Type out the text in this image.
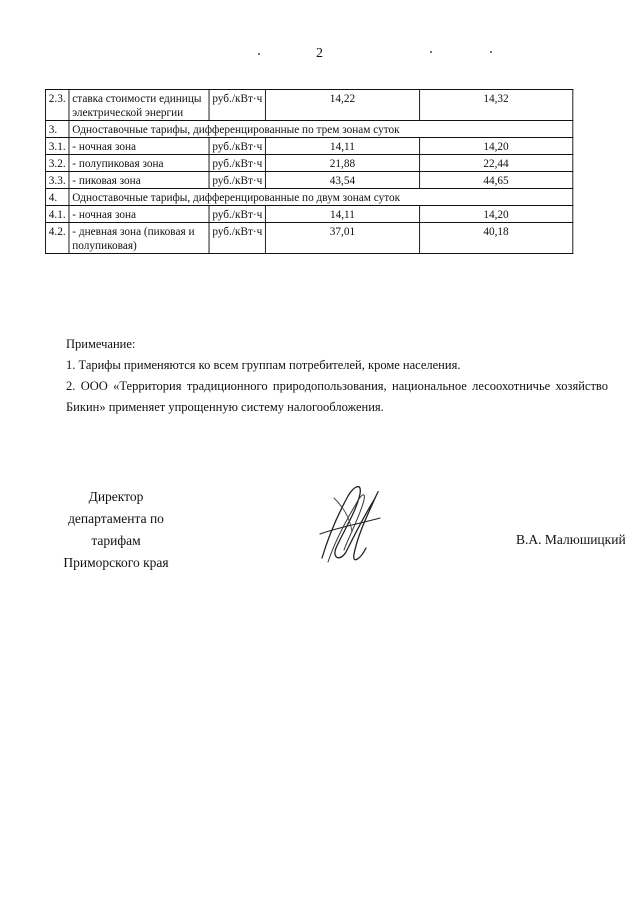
2
2.3.	ставка стоимости единицы электрической энергии	руб./кВт·ч	14,22	14,32
3.	Одноставочные тарифы, дифференцированные по трем зонам суток			
3.1.	- ночная зона	руб./кВт·ч	14,11	14,20
3.2.	- полупиковая зона	руб./кВт·ч	21,88	22,44
3.3.	- пиковая зона	руб./кВт·ч	43,54	44,65
4.	Одноставочные тарифы, дифференцированные по двум зонам суток			
4.1.	- ночная зона	руб./кВт·ч	14,11	14,20
4.2.	- дневная зона (пиковая и полупиковая)	руб./кВт·ч	37,01	40,18

Примечание:

1. Тарифы применяются ко всем группам потребителей, кроме населения.

2. ООО «Территория традиционного природопользования, национальное лесоохотничье хозяйство Бикин» применяет упрощенную систему налогообложения.

Директор
департамента по тарифам
Приморского края
В.А. Малюшицкий
